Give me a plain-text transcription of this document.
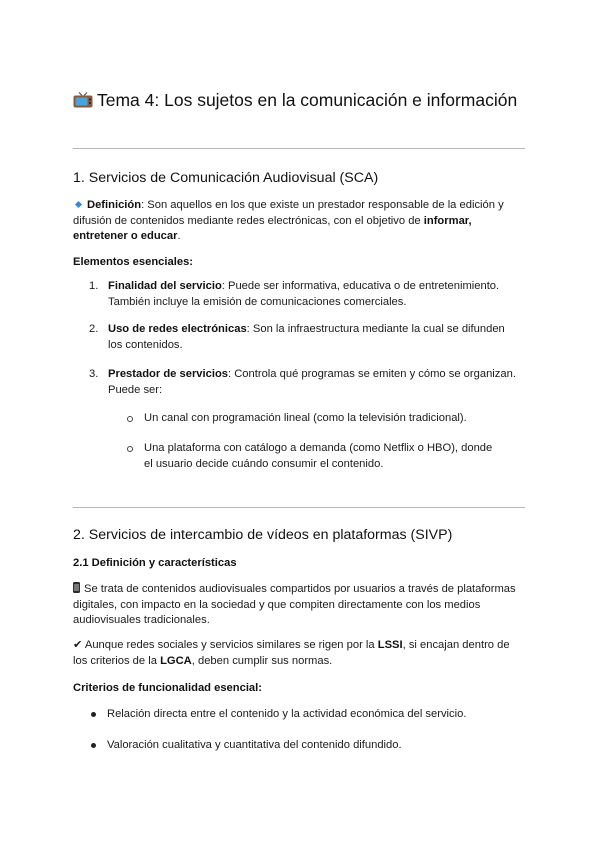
Tema 4: Los sujetos en la comunicación e información
1. Servicios de Comunicación Audiovisual (SCA)

Definición: Son aquellos en los que existe un prestador responsable de la edición y difusión de contenidos mediante redes electrónicas, con el objetivo de informar, entretener o educar.

Elementos esenciales:
1. Finalidad del servicio: Puede ser informativa, educativa o de entretenimiento. También incluye la emisión de comunicaciones comerciales.
2. Uso de redes electrónicas: Son la infraestructura mediante la cual se difunden los contenidos.
3. Prestador de servicios: Controla qué programas se emiten y cómo se organizan. Puede ser:
Un canal con programación lineal (como la televisión tradicional).
Una plataforma con catálogo a demanda (como Netflix o HBO), donde el usuario decide cuándo consumir el contenido.
2. Servicios de intercambio de vídeos en plataformas (SIVP)
2.1 Definición y características

Se trata de contenidos audiovisuales compartidos por usuarios a través de plataformas digitales, con impacto en la sociedad y que compiten directamente con los medios audiovisuales tradicionales.

✔ Aunque redes sociales y servicios similares se rigen por la LSSI, si encajan dentro de los criterios de la LGCA, deben cumplir sus normas.

Criterios de funcionalidad esencial:
Relación directa entre el contenido y la actividad económica del servicio.
Valoración cualitativa y cuantitativa del contenido difundido.
